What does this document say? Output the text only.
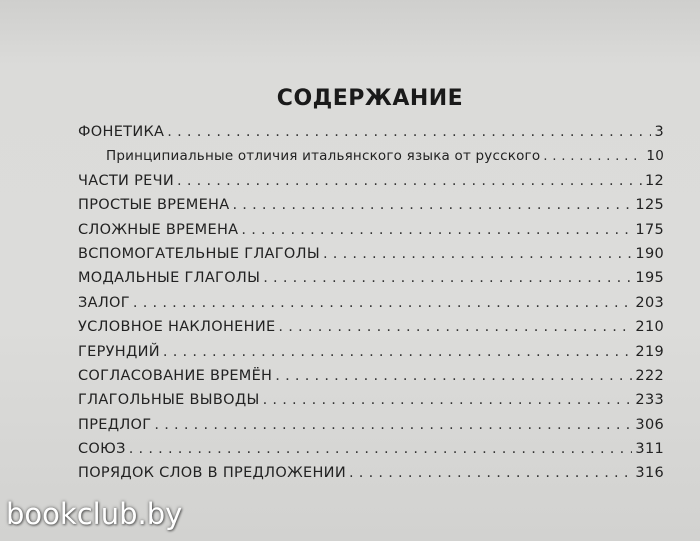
СОДЕРЖАНИЕ
ФОНЕТИКА . . .	3
Принципиальные отличия итальянского языка от русского . . .	10
ЧАСТИ РЕЧИ . . .	12
ПРОСТЫЕ ВРЕМЕНА . . .	125
СЛОЖНЫЕ ВРЕМЕНА . . .	175
ВСПОМОГАТЕЛЬНЫЕ ГЛАГОЛЫ . . .	190
МОДАЛЬНЫЕ ГЛАГОЛЫ . . .	195
ЗАЛОГ . . .	203
УСЛОВНОЕ НАКЛОНЕНИЕ . . .	210
ГЕРУНДИЙ . . .	219
СОГЛАСОВАНИЕ ВРЕМЁН . . .	222
ГЛАГОЛЬНЫЕ ВЫВОДЫ . . .	233
ПРЕДЛОГ . . .	306
СОЮЗ . . .	311
ПОРЯДОК СЛОВ В ПРЕДЛОЖЕНИИ . . .	316
bookclub.by
